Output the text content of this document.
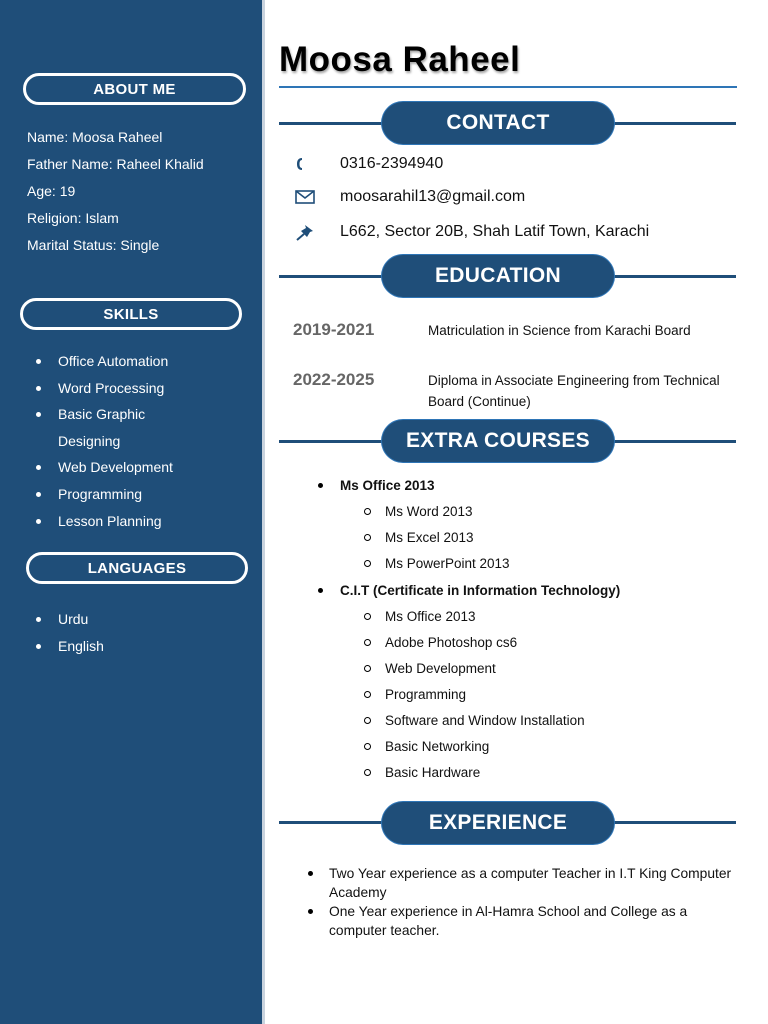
ABOUT ME
Name: Moosa Raheel
Father Name: Raheel Khalid
Age: 19
Religion: Islam
Marital Status: Single
SKILLS
Office Automation
Word Processing
Basic Graphic Designing
Web Development
Programming
Lesson Planning
LANGUAGES
Urdu
English
Moosa Raheel
CONTACT
0316-2394940
moosarahil13@gmail.com
L662, Sector 20B, Shah Latif Town, Karachi
EDUCATION
2019-2021	Matriculation in Science from Karachi Board
2022-2025	Diploma in Associate Engineering from Technical Board (Continue)
EXTRA COURSES
Ms Office 2013
Ms Word 2013
Ms Excel 2013
Ms PowerPoint 2013
C.I.T (Certificate in Information Technology)
Ms Office 2013
Adobe Photoshop cs6
Web Development
Programming
Software and Window Installation
Basic Networking
Basic Hardware
EXPERIENCE
Two Year experience as a computer Teacher in I.T King Computer Academy
One Year experience in Al-Hamra School and College as a computer teacher.
